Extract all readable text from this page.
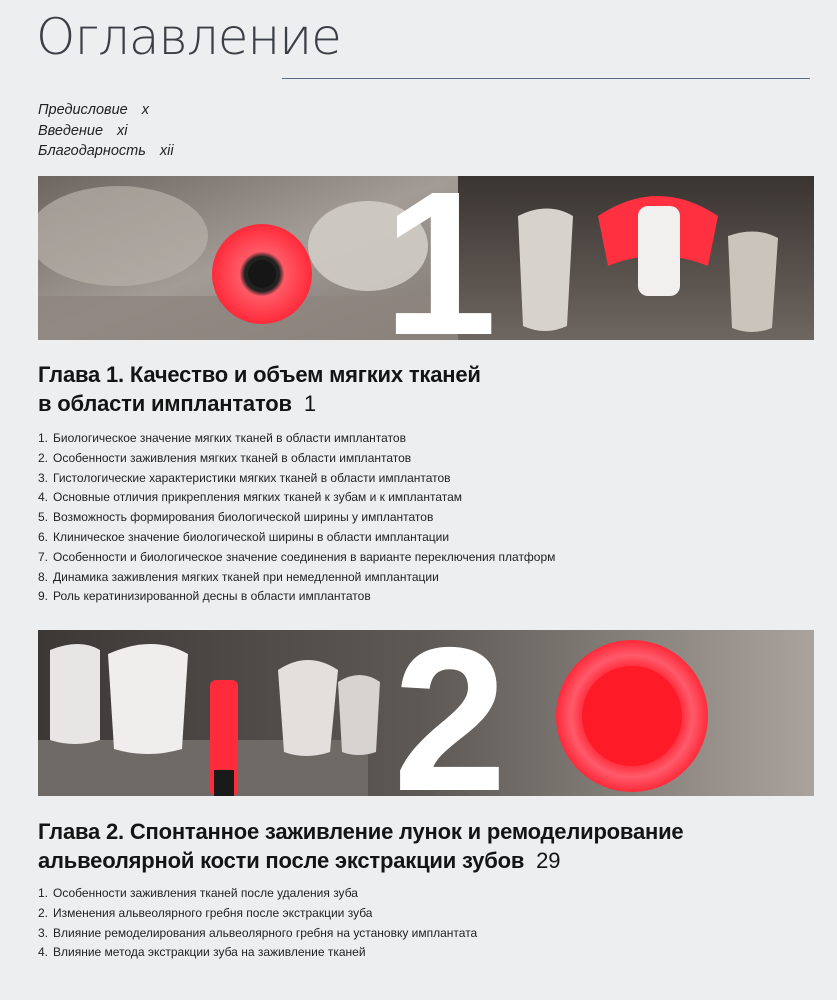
Оглавление
Предисловие x
Введение xi
Благодарность xii 1
Глава 1. Качество и объем мягких тканей
в области имплантатов 1
1. Биологическое значение мягких тканей в области имплантатов
2. Особенности заживления мягких тканей в области имплантатов
3. Гистологические характеристики мягких тканей в области имплантатов
4. Основные отличия прикрепления мягких тканей к зубам и к имплантатам
5. Возможность формирования биологической ширины у имплантатов
6. Клиническое значение биологической ширины в области имплантации
7. Особенности и биологическое значение соединения в варианте переключения платформ
8. Динамика заживления мягких тканей при немедленной имплантации
9. Роль кератинизированной десны в области имплантатов
2
Глава 2. Спонтанное заживление лунок и ремоделирование
альвеолярной кости после экстракции зубов 29
1. Особенности заживления тканей после удаления зуба
2. Изменения альвеолярного гребня после экстракции зуба
3. Влияние ремоделирования альвеолярного гребня на установку имплантата
4. Влияние метода экстракции зуба на заживление тканей
